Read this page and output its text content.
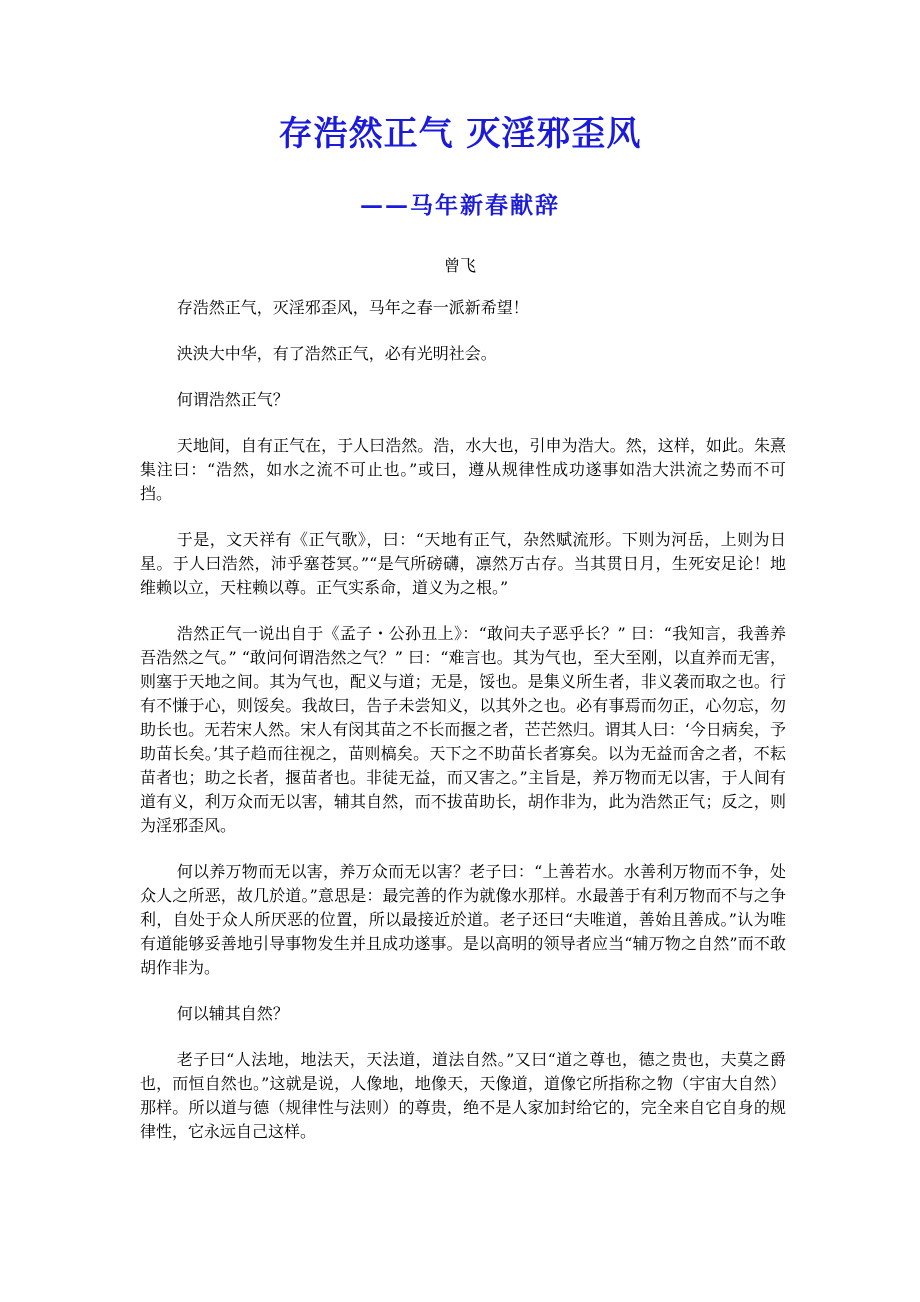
存浩然正气 灭淫邪歪风
——马年新春献辞
曾飞

存浩然正气，灭淫邪歪风，马年之春一派新希望！

泱泱大中华，有了浩然正气，必有光明社会。

何谓浩然正气？

天地间，自有正气在，于人曰浩然。浩，水大也，引申为浩大。然，这样，如此。朱熹集注曰：“浩然，如水之流不可止也。”或曰，遵从规律性成功遂事如浩大洪流之势而不可挡。

于是，文天祥有《正气歌》，曰：“天地有正气，杂然赋流形。下则为河岳，上则为日星。于人曰浩然，沛乎塞苍冥。”“是气所磅礴，凛然万古存。当其贯日月，生死安足论！地维赖以立，天柱赖以尊。正气实系命，道义为之根。”

浩然正气一说出自于《孟子・公孙丑上》：“敢问夫子恶乎长？” 曰：“我知言，我善养吾浩然之气。” “敢问何谓浩然之气？” 曰：“难言也。其为气也，至大至刚，以直养而无害，则塞于天地之间。其为气也，配义与道；无是，馁也。是集义所生者，非义袭而取之也。行有不慊于心，则馁矣。我故曰，告子未尝知义，以其外之也。必有事焉而勿正，心勿忘，勿助长也。无若宋人然。宋人有闵其苗之不长而揠之者，芒芒然归。谓其人曰：‘今日病矣，予助苗长矣。’其子趋而往视之，苗则槁矣。天下之不助苗长者寡矣。以为无益而舍之者，不耘苗者也；助之长者，揠苗者也。非徒无益，而又害之。”主旨是，养万物而无以害，于人间有道有义，利万众而无以害，辅其自然，而不拔苗助长，胡作非为，此为浩然正气；反之，则为淫邪歪风。

何以养万物而无以害，养万众而无以害？老子曰：“上善若水。水善利万物而不争，处众人之所恶，故几於道。”意思是：最完善的作为就像水那样。水最善于有利万物而不与之争利，自处于众人所厌恶的位置，所以最接近於道。老子还曰“夫唯道，善始且善成。”认为唯有道能够妥善地引导事物发生并且成功遂事。是以高明的领导者应当“辅万物之自然”而不敢胡作非为。

何以辅其自然？

老子曰“人法地，地法天，天法道，道法自然。”又曰“道之尊也，德之贵也，夫莫之爵也，而恒自然也。”这就是说，人像地，地像天，天像道，道像它所指称之物（宇宙大自然）那样。所以道与德（规律性与法则）的尊贵，绝不是人家加封给它的，完全来自它自身的规律性，它永远自己这样。
